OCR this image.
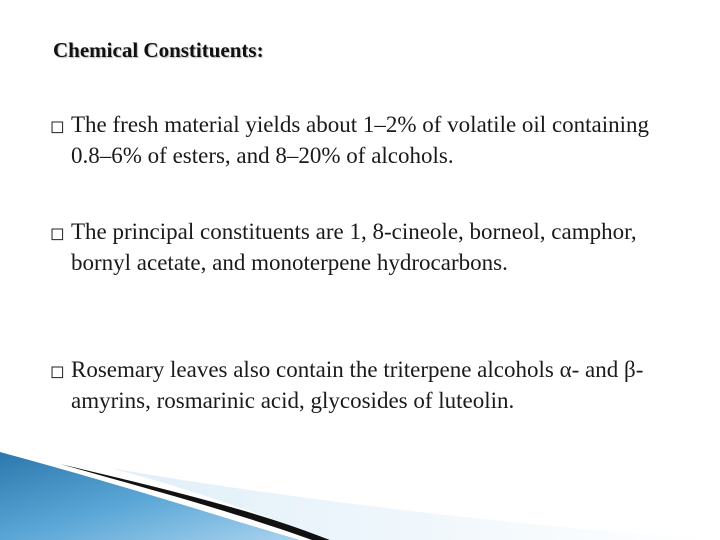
Chemical Constituents:
◻ The fresh material yields about 1–2% of volatile oil containing 0.8–6% of esters, and 8–20% of alcohols.
◻ The principal constituents are 1, 8-cineole, borneol, camphor, bornyl acetate, and monoterpene hydrocarbons.
◻ Rosemary leaves also contain the triterpene alcohols α- and β-amyrins, rosmarinic acid, glycosides of luteolin.
